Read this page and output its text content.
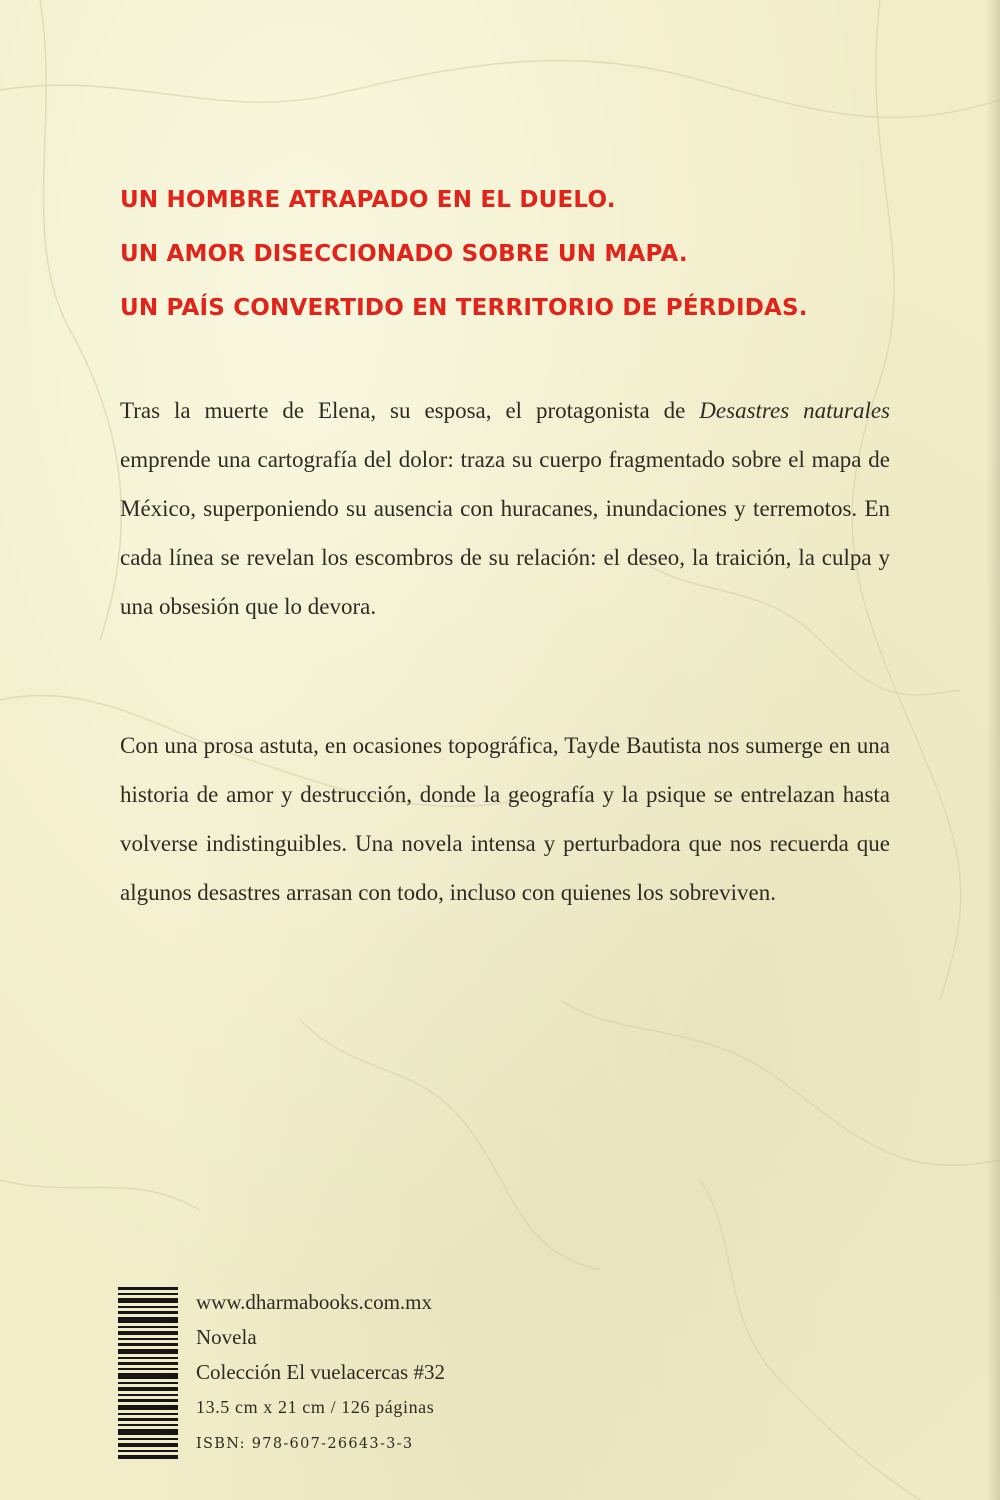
UN HOMBRE ATRAPADO EN EL DUELO.

UN AMOR DISECCIONADO SOBRE UN MAPA.

UN PAÍS CONVERTIDO EN TERRITORIO DE PÉRDIDAS.

Tras la muerte de Elena, su esposa, el protagonista de Desastres naturales emprende una cartografía del dolor: traza su cuerpo fragmentado sobre el mapa de México, superponiendo su ausencia con huracanes, inundaciones y terremotos. En cada línea se revelan los escombros de su relación: el deseo, la traición, la culpa y una obsesión que lo devora.

Con una prosa astuta, en ocasiones topográfica, Tayde Bautista nos sumerge en una historia de amor y destrucción, donde la geografía y la psique se entrelazan hasta volverse indistinguibles. Una novela intensa y perturbadora que nos recuerda que algunos desastres arrasan con todo, incluso con quienes los sobreviven.

www.dharmabooks.com.mx

Novela

Colección El vuelacercas #32

13.5 cm x 21 cm / 126 páginas

ISBN: 978-607-26643-3-3
